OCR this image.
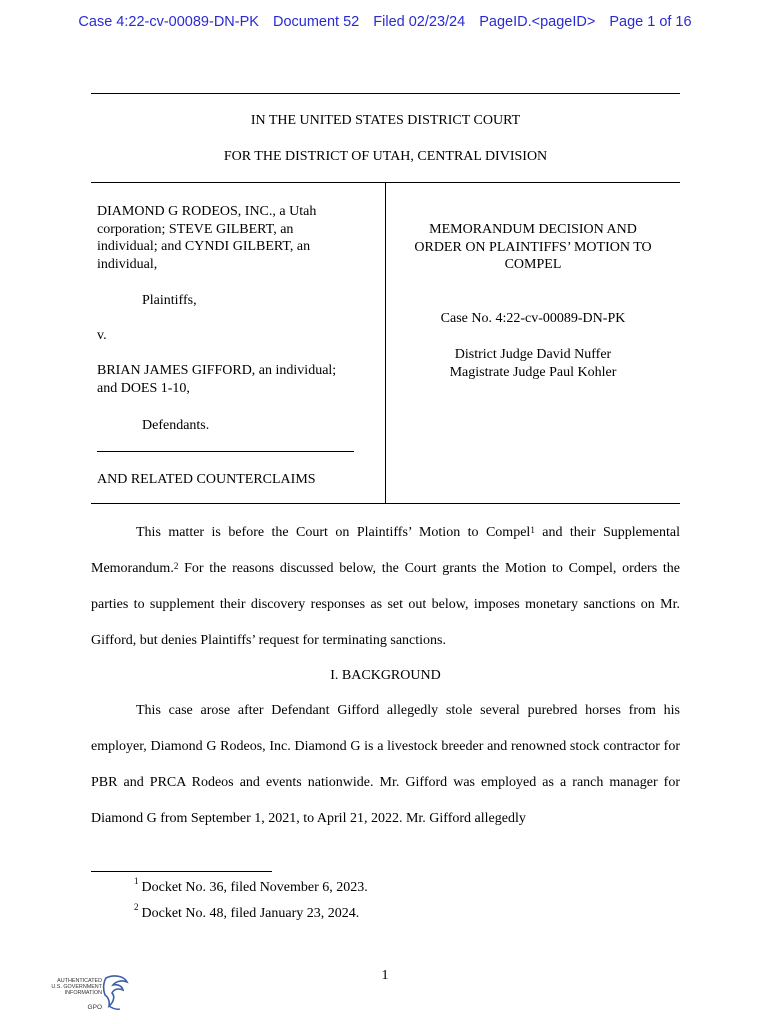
Case 4:22-cv-00089-DN-PK Document 52 Filed 02/23/24 PageID.<pageID> Page 1 of 16
IN THE UNITED STATES DISTRICT COURT
FOR THE DISTRICT OF UTAH, CENTRAL DIVISION
DIAMOND G RODEOS, INC., a Utah
corporation; STEVE GILBERT, an
individual; and CYNDI GILBERT, an
individual,
Plaintiffs,
v.
BRIAN JAMES GIFFORD, an individual;
and DOES 1-10,
Defendants.
AND RELATED COUNTERCLAIMS
MEMORANDUM DECISION AND
ORDER ON PLAINTIFFS’ MOTION TO
COMPEL
Case No. 4:22-cv-00089-DN-PK
District Judge David Nuffer
Magistrate Judge Paul Kohler

This matter is before the Court on Plaintiffs’ Motion to Compel$^1$ and their Supplemental Memorandum.$^2$ For the reasons discussed below, the Court grants the Motion to Compel, orders the parties to supplement their discovery responses as set out below, imposes monetary sanctions on Mr. Gifford, but denies Plaintiffs’ request for terminating sanctions.

I. BACKGROUND

This case arose after Defendant Gifford allegedly stole several purebred horses from his employer, Diamond G Rodeos, Inc. Diamond G is a livestock breeder and renowned stock contractor for PBR and PRCA Rodeos and events nationwide. Mr. Gifford was employed as a ranch manager for Diamond G from September 1, 2021, to April 21, 2022. Mr. Gifford allegedly

$^1$ Docket No. 36, filed November 6, 2023.
$^2$ Docket No. 48, filed January 23, 2024.
1
AUTHENTICATED
U.S. GOVERNMENT
INFORMATION
GPO
